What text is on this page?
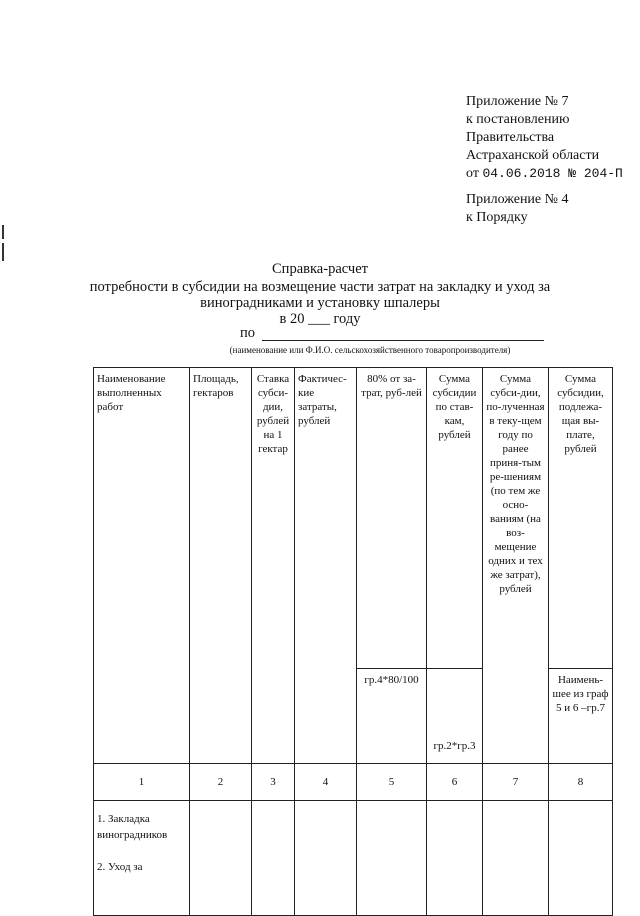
Приложение № 7
к постановлению
Правительства
Астраханской области
от 04.06.2018 № 204-П
Приложение № 4
к Порядку
Справка-расчет
потребности в субсидии на возмещение части затрат на закладку и уход за
виноградниками и установку шпалеры
в 20 ___ году
по
(наименование или Ф.И.О. сельскохозяйственного товаропроизводителя)
Наименование выполненных работ	Площадь, гектаров	Ставка субси-дии, рублей на 1 гектар	Фактичес-кие затраты, рублей	80% от за-трат, руб-лей	Сумма субсидии по став-кам, рублей	Сумма субси-дии, по-лученная в теку-щем году по ранее приня-тым ре-шениям (по тем же осно-ваниям (на воз-мещение одних и тех же затрат), рублей	Сумма субсидии, подлежа-щая вы-плате, рублей
				гр.4*80/100	гр.2*гр.3		Наимень-шее из граф 5 и 6 –гр.7
1	2	3	4	5	6	7	8

1. Закладка виноградников
2. Уход за							
